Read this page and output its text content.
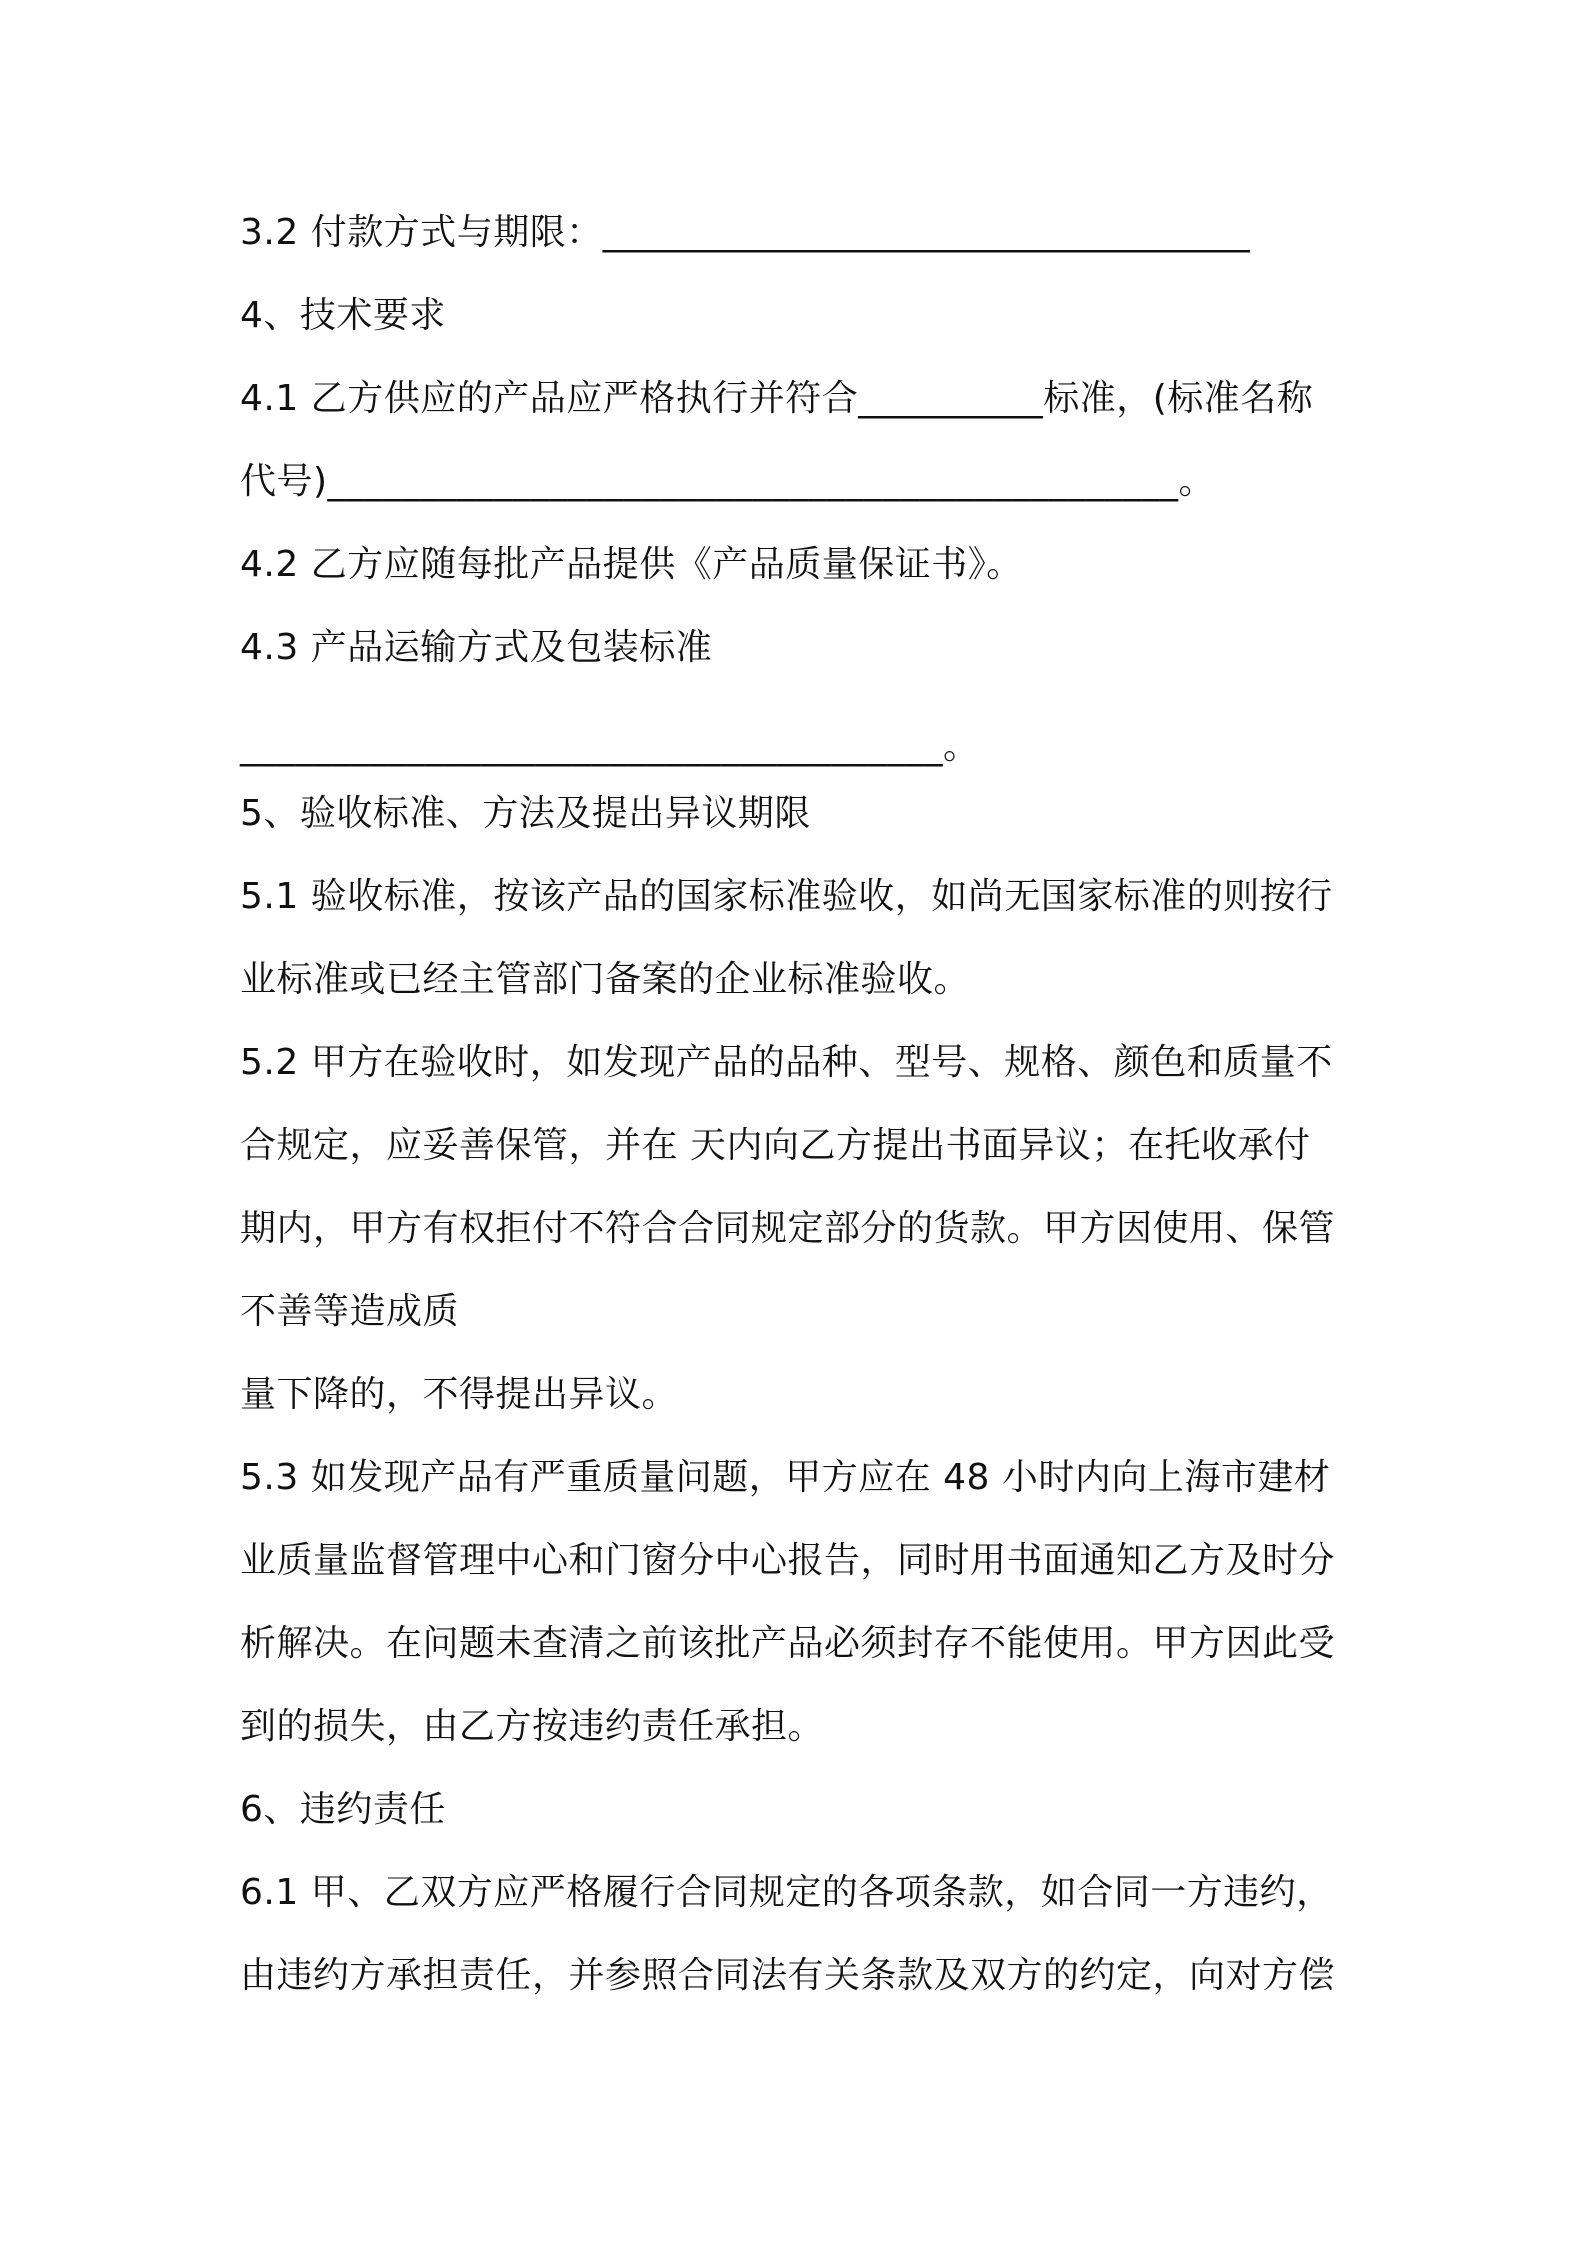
3.2 付款方式与期限：___________________________________

4、技术要求

4.1 乙方供应的产品应严格执行并符合__________标准，(标准名称

代号)______________________________________________。

4.2 乙方应随每批产品提供《产品质量保证书》。

4.3 产品运输方式及包装标准

______________________________________。

5、验收标准、方法及提出异议期限

5.1 验收标准，按该产品的国家标准验收，如尚无国家标准的则按行

业标准或已经主管部门备案的企业标准验收。

5.2 甲方在验收时，如发现产品的品种、型号、规格、颜色和质量不

合规定，应妥善保管，并在 天内向乙方提出书面异议；在托收承付

期内，甲方有权拒付不符合合同规定部分的货款。甲方因使用、保管

不善等造成质

量下降的，不得提出异议。

5.3 如发现产品有严重质量问题，甲方应在 48 小时内向上海市建材

业质量监督管理中心和门窗分中心报告，同时用书面通知乙方及时分

析解决。在问题未查清之前该批产品必须封存不能使用。甲方因此受

到的损失，由乙方按违约责任承担。

6、违约责任

6.1 甲、乙双方应严格履行合同规定的各项条款，如合同一方违约，

由违约方承担责任，并参照合同法有关条款及双方的约定，向对方偿
